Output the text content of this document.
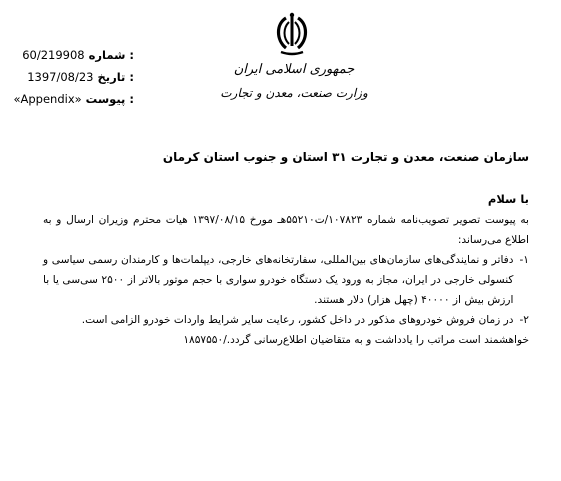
60/219908 شماره :
1397/08/23 تاریخ :
«Appendix» پیوست :
جمهوری اسلامی ایران
وزارت صنعت، معدن و تجارت
سازمان صنعت، معدن و تجارت ۳۱ استان و جنوب استان کرمان
با سلام

به پیوست تصویر تصویب‌نامه شماره ۱۰۷۸۲۳/ت۵۵۲۱۰هـ مورخ ۱۳۹۷/۰۸/۱۵ هیات محترم وزیران ارسال و به اطلاع می‌رساند:

۱-
دفاتر و نمایندگی‌های سازمان‌های بین‌المللی، سفارتخانه‌های خارجی، دیپلمات‌ها و کارمندان رسمی سیاسی و کنسولی خارجی در ایران، مجاز به ورود یک دستگاه خودرو سواری با حجم موتور بالاتر از ۲۵۰۰ سی‌سی یا با ارزش بیش از ۴۰۰۰۰ (چهل هزار) دلار هستند.
۲-
در زمان فروش خودروهای مذکور در داخل کشور، رعایت سایر شرایط واردات خودرو الزامی است.

خواهشمند است مراتب را یادداشت و به متقاضیان اطلاع‌رسانی گردد./۱۸۵۷۵۵۰
